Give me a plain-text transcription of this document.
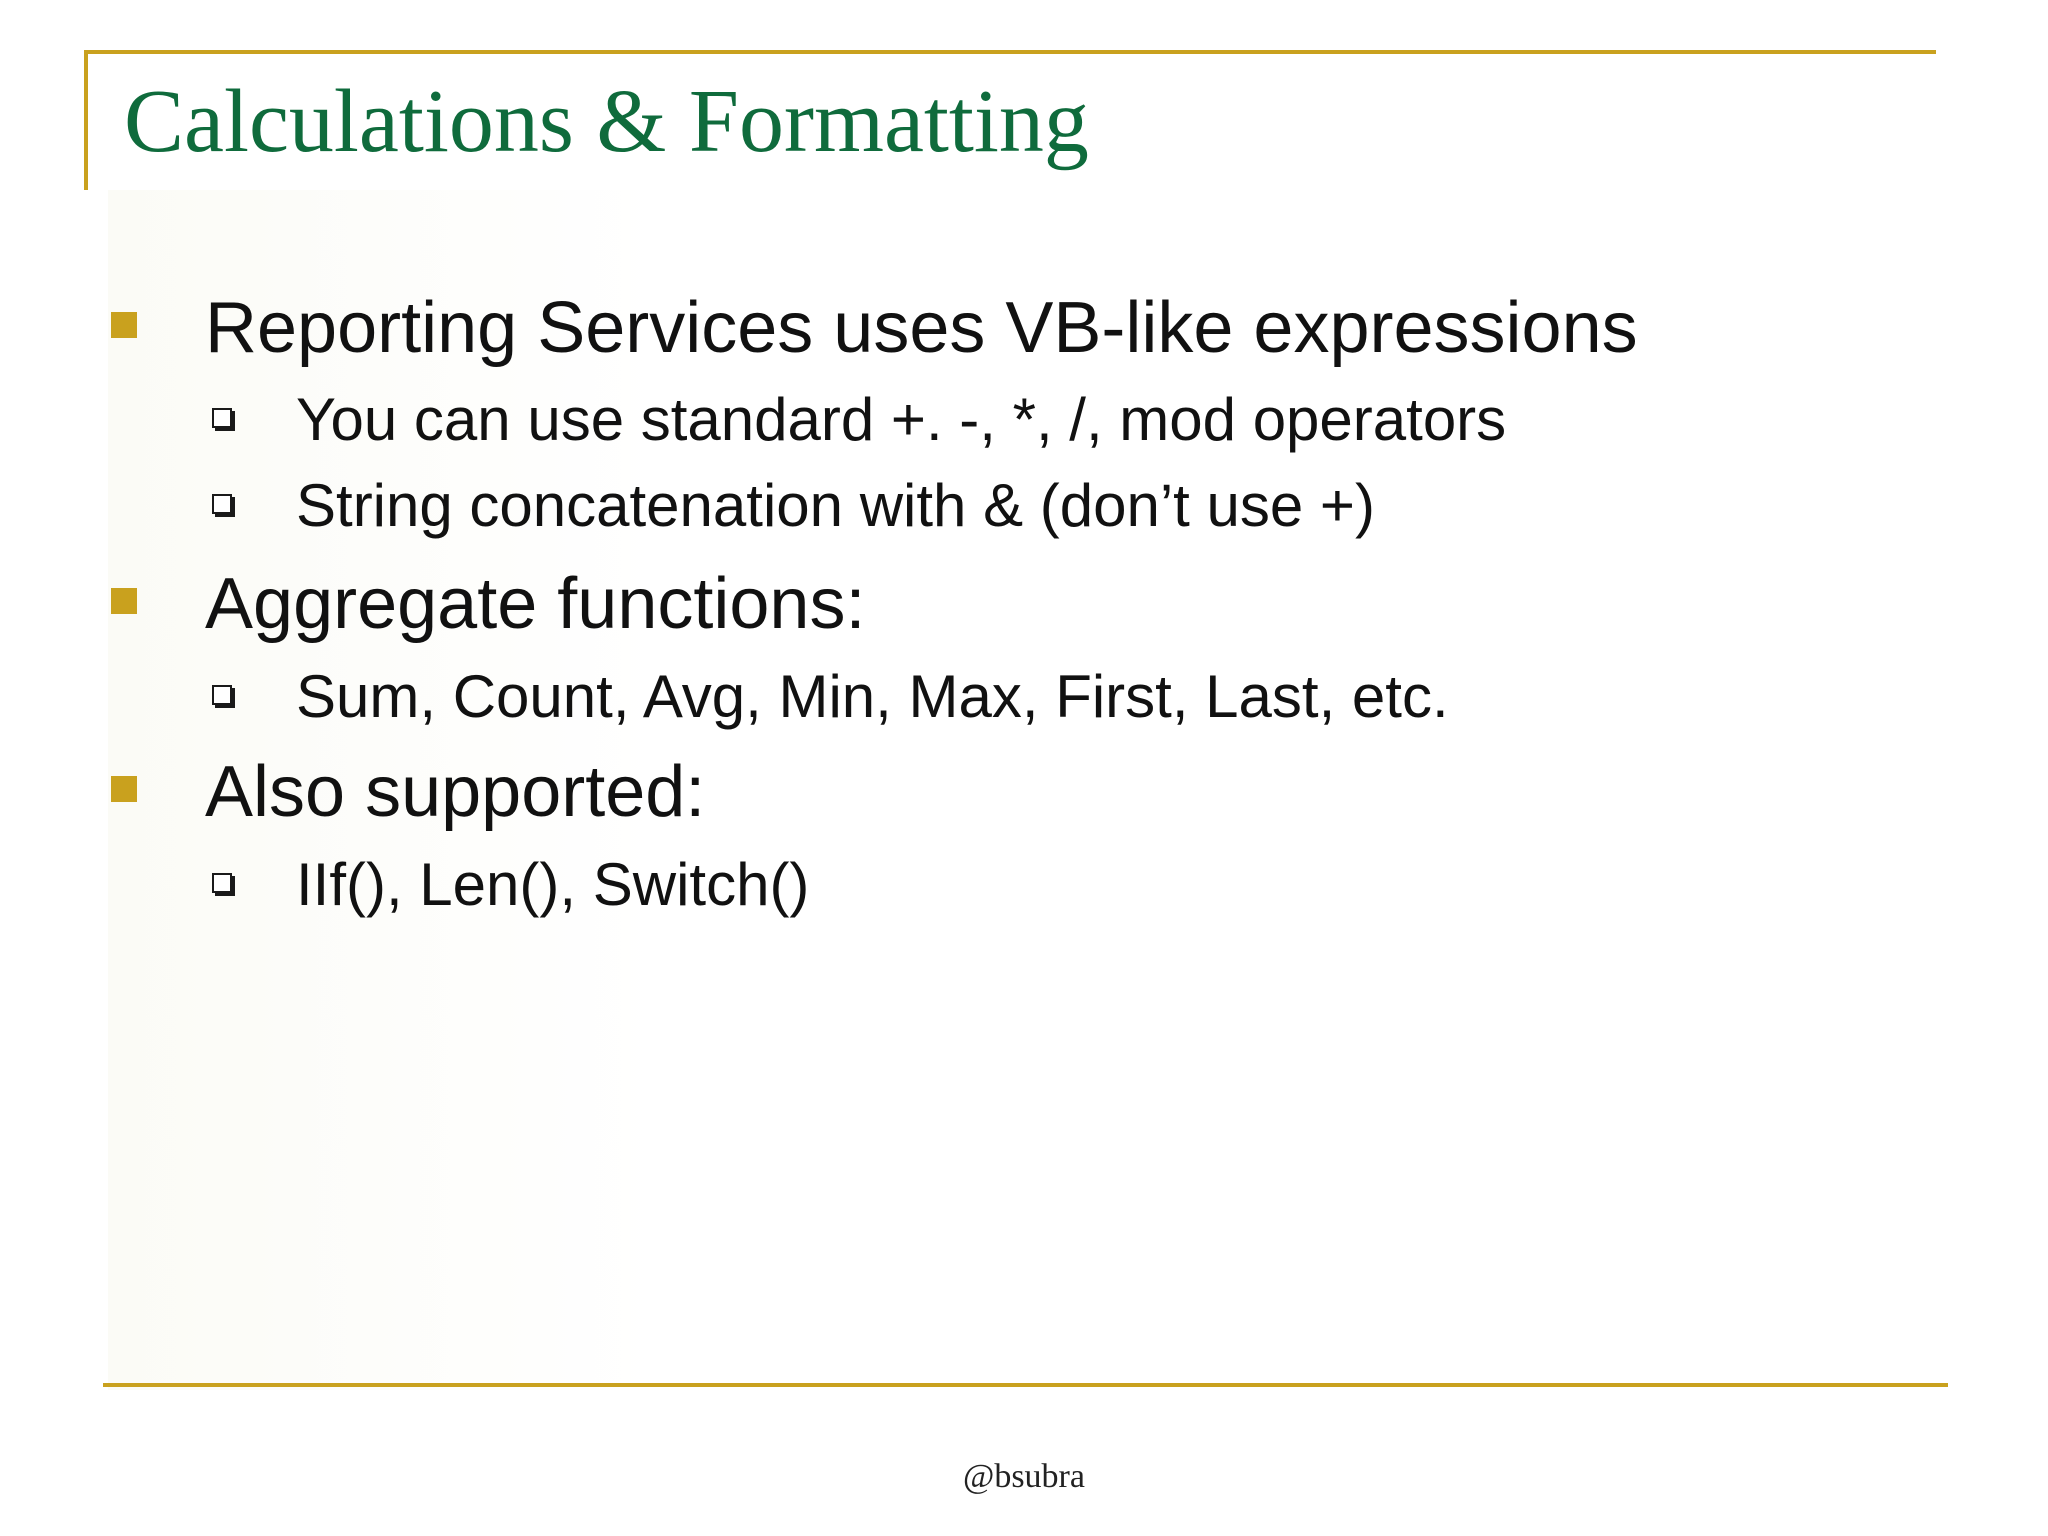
Calculations & Formatting
Reporting Services uses VB-like expressions
You can use standard +. -, *, /, mod operators
String concatenation with & (don’t use +)
Aggregate functions:
Sum, Count, Avg, Min, Max, First, Last, etc.
Also supported:
IIf(), Len(), Switch()
@bsubra
